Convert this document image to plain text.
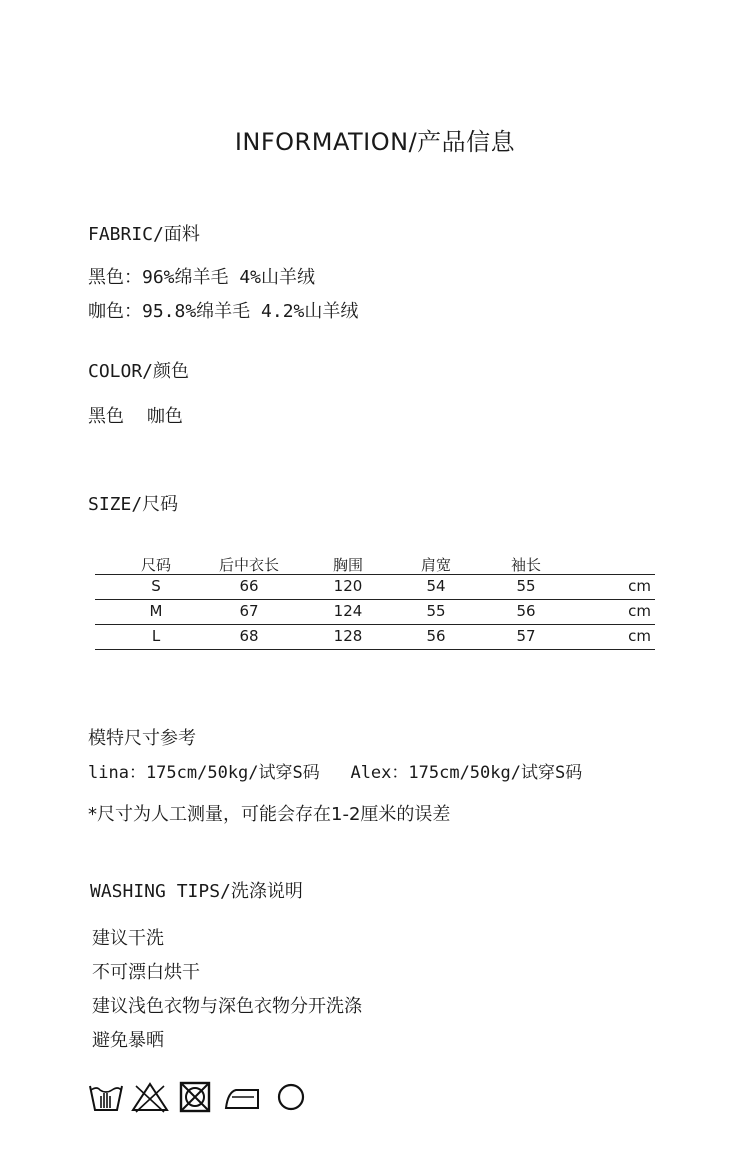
INFORMATION/产品信息
FABRIC/面料
黑色：96%绵羊毛 4%山羊绒
咖色：95.8%绵羊毛 4.2%山羊绒
COLOR/颜色
黑色    咖色
SIZE/尺码
尺码	后中衣长	胸围	肩宽	袖长
S	66	120	54	55	cm
M	67	124	55	56	cm
L	68	128	56	57	cm
模特尺寸参考
lina：175cm/50kg/试穿S码   Alex：175cm/50kg/试穿S码
*尺寸为人工测量，可能会存在1-2厘米的误差
WASHING TIPS/洗涤说明
建议干洗
不可漂白烘干
建议浅色衣物与深色衣物分开洗涤
避免暴晒
